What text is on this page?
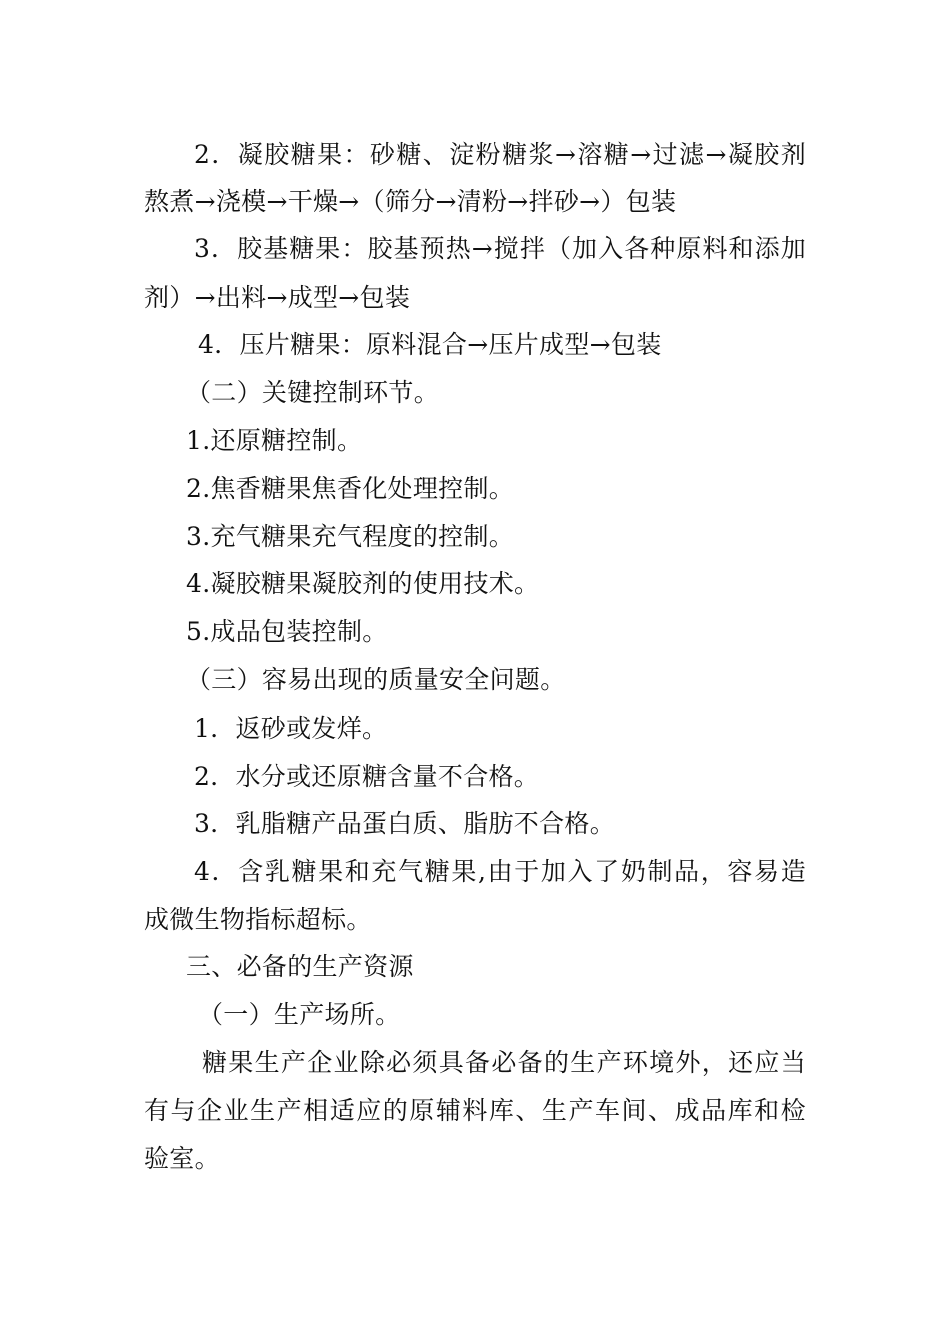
2．凝胶糖果：砂糖、淀粉糖浆→溶糖→过滤→凝胶剂
熬煮→浇模→干燥→（筛分→清粉→拌砂→）包装
3．胶基糖果：胶基预热→搅拌（加入各种原料和添加
剂）→出料→成型→包装
4．压片糖果：原料混合→压片成型→包装
（二）关键控制环节。
1.还原糖控制。
2.焦香糖果焦香化处理控制。
3.充气糖果充气程度的控制。
4.凝胶糖果凝胶剂的使用技术。
5.成品包装控制。
（三）容易出现的质量安全问题。
1．返砂或发烊。
2．水分或还原糖含量不合格。
3．乳脂糖产品蛋白质、脂肪不合格。
4．含乳糖果和充气糖果,由于加入了奶制品，容易造
成微生物指标超标。
三、必备的生产资源
（一）生产场所。
糖果生产企业除必须具备必备的生产环境外，还应当
有与企业生产相适应的原辅料库、生产车间、成品库和检
验室。
